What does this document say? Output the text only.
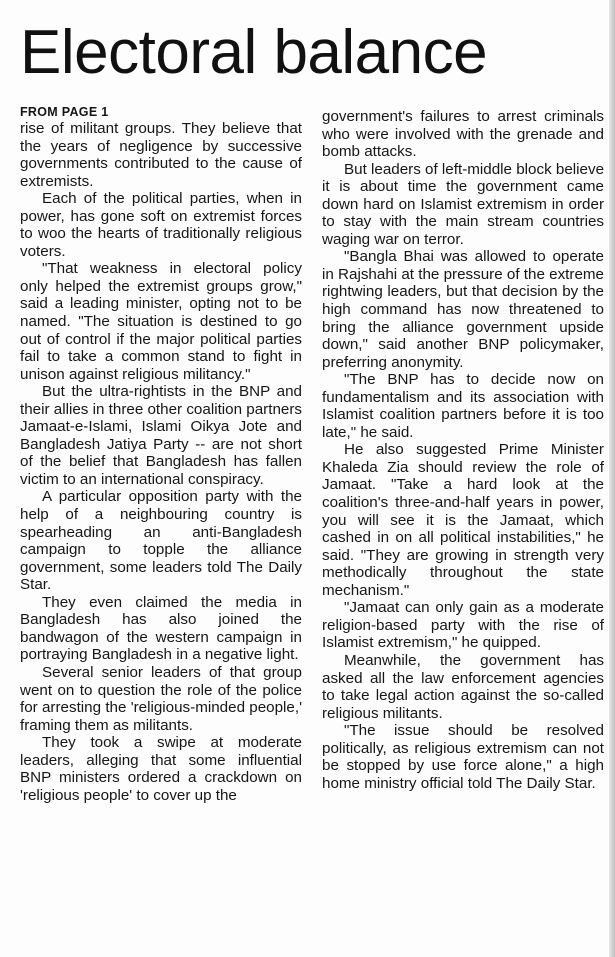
Electoral balance

FROM PAGE 1
rise of militant groups. They believe that the years of negligence by successive governments contributed to the cause of extremists.

Each of the political parties, when in power, has gone soft on extremist forces to woo the hearts of traditionally religious voters.

"That weakness in electoral policy only helped the extremist groups grow," said a leading minister, opting not to be named. "The situation is destined to go out of control if the major political parties fail to take a common stand to fight in unison against religious militancy."

But the ultra-rightists in the BNP and their allies in three other coalition partners Jamaat-e-Islami, Islami Oikya Jote and Bangladesh Jatiya Party -- are not short of the belief that Bangladesh has fallen victim to an international conspiracy.

A particular opposition party with the help of a neighbouring country is spearheading an anti-Bangladesh campaign to topple the alliance government, some leaders told The Daily Star.

They even claimed the media in Bangladesh has also joined the bandwagon of the western campaign in portraying Bangladesh in a negative light.

Several senior leaders of that group went on to question the role of the police for arresting the 'religious-minded people,' framing them as militants.

They took a swipe at moderate leaders, alleging that some influential BNP ministers ordered a crackdown on 'religious people' to cover up the

government's failures to arrest criminals who were involved with the grenade and bomb attacks.

But leaders of left-middle block believe it is about time the government came down hard on Islamist extremism in order to stay with the main stream countries waging war on terror.

"Bangla Bhai was allowed to operate in Rajshahi at the pressure of the extreme rightwing leaders, but that decision by the high command has now threatened to bring the alliance government upside down," said another BNP policymaker, preferring anonymity.

"The BNP has to decide now on fundamentalism and its association with Islamist coalition partners before it is too late," he said.

He also suggested Prime Minister Khaleda Zia should review the role of Jamaat. "Take a hard look at the coalition's three-and-half years in power, you will see it is the Jamaat, which cashed in on all political instabilities," he said. "They are growing in strength very methodically throughout the state mechanism."

"Jamaat can only gain as a moderate religion-based party with the rise of Islamist extremism," he quipped.

Meanwhile, the government has asked all the law enforcement agencies to take legal action against the so-called religious militants.

"The issue should be resolved politically, as religious extremism can not be stopped by use force alone," a high home ministry official told The Daily Star.
